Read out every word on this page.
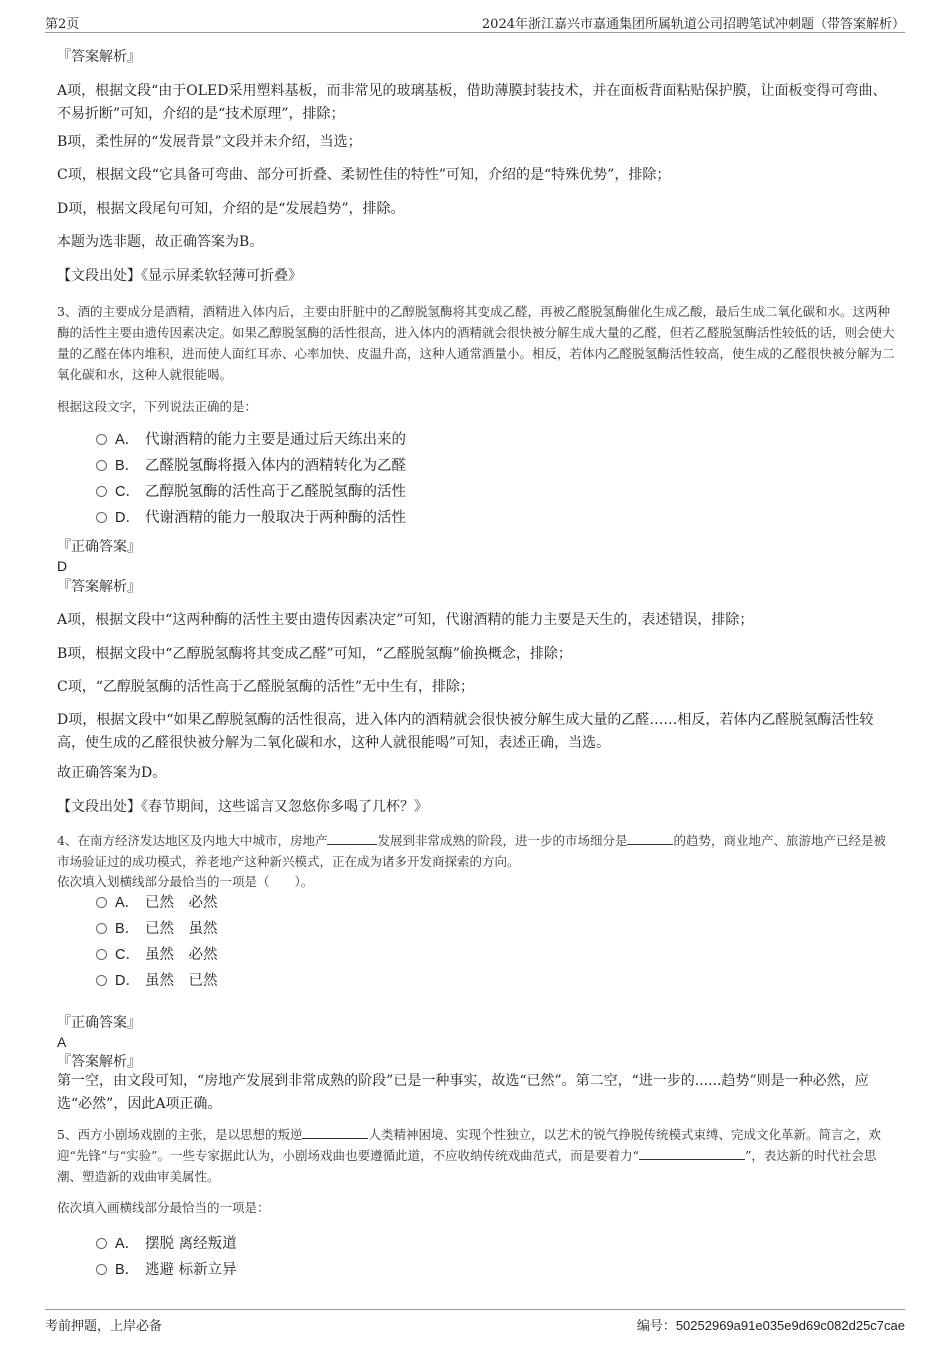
第2页	2024年浙江嘉兴市嘉通集团所属轨道公司招聘笔试冲刺题（带答案解析）
『答案解析』
A项，根据文段“由于OLED采用塑料基板，而非常见的玻璃基板，借助薄膜封装技术，并在面板背面粘贴保护膜，让面板变得可弯曲、不易折断”可知，介绍的是“技术原理”，排除；
B项，柔性屏的“发展背景”文段并未介绍，当选；
C项，根据文段“它具备可弯曲、部分可折叠、柔韧性佳的特性”可知，介绍的是“特殊优势”，排除；
D项，根据文段尾句可知，介绍的是“发展趋势”，排除。
本题为选非题，故正确答案为B。
【文段出处】《显示屏柔软轻薄可折叠》
3、酒的主要成分是酒精，酒精进入体内后，主要由肝脏中的乙醇脱氢酶将其变成乙醛，再被乙醛脱氢酶催化生成乙酸，最后生成二氧化碳和水。这两种酶的活性主要由遗传因素决定。如果乙醇脱氢酶的活性很高，进入体内的酒精就会很快被分解生成大量的乙醛，但若乙醛脱氢酶活性较低的话，则会使大量的乙醛在体内堆积，进而使人面红耳赤、心率加快、皮温升高，这种人通常酒量小。相反，若体内乙醛脱氢酶活性较高，使生成的乙醛很快被分解为二氧化碳和水，这种人就很能喝。
根据这段文字，下列说法正确的是：
A． 代谢酒精的能力主要是通过后天练出来的
B． 乙醛脱氢酶将摄入体内的酒精转化为乙醛
C． 乙醇脱氢酶的活性高于乙醛脱氢酶的活性
D． 代谢酒精的能力一般取决于两种酶的活性
『正确答案』
D
『答案解析』
A项，根据文段中“这两种酶的活性主要由遗传因素决定”可知，代谢酒精的能力主要是天生的，表述错误，排除；
B项，根据文段中“乙醇脱氢酶将其变成乙醛”可知，“乙醛脱氢酶”偷换概念，排除；
C项，“乙醇脱氢酶的活性高于乙醛脱氢酶的活性”无中生有，排除；
D项，根据文段中“如果乙醇脱氢酶的活性很高，进入体内的酒精就会很快被分解生成大量的乙醛……相反，若体内乙醛脱氢酶活性较高，使生成的乙醛很快被分解为二氧化碳和水，这种人就很能喝”可知，表述正确，当选。
故正确答案为D。
【文段出处】《春节期间，这些谣言又忽悠你多喝了几杯？》
4、在南方经济发达地区及内地大中城市，房地产	发展到非常成熟的阶段，进一步的市场细分是	的趋势，商业地产、旅游地产已经是被市场验证过的成功模式，养老地产这种新兴模式，正在成为诸多开发商探索的方向。
依次填入划横线部分最恰当的一项是（　　）。
A． 已然　必然
B． 已然　虽然
C． 虽然　必然
D． 虽然　已然
『正确答案』
A
『答案解析』
第一空，由文段可知，“房地产发展到非常成熟的阶段”已是一种事实，故选“已然”。第二空，“进一步的......趋势”则是一种必然，应选“必然”，因此A项正确。
5、西方小剧场戏剧的主张，是以思想的叛逆	人类精神困境、实现个性独立，以艺术的锐气挣脱传统模式束缚、完成文化革新。简言之，欢迎“先锋”与“实验”。一些专家据此认为，小剧场戏曲也要遵循此道，不应收纳传统戏曲范式，而是要着力“	”，表达新的时代社会思潮、塑造新的戏曲审美属性。
依次填入画横线部分最恰当的一项是：
A． 摆脱 离经叛道
B． 逃避 标新立异
考前押题，上岸必备	编号：50252969a91e035e9d69c082d25c7cae
